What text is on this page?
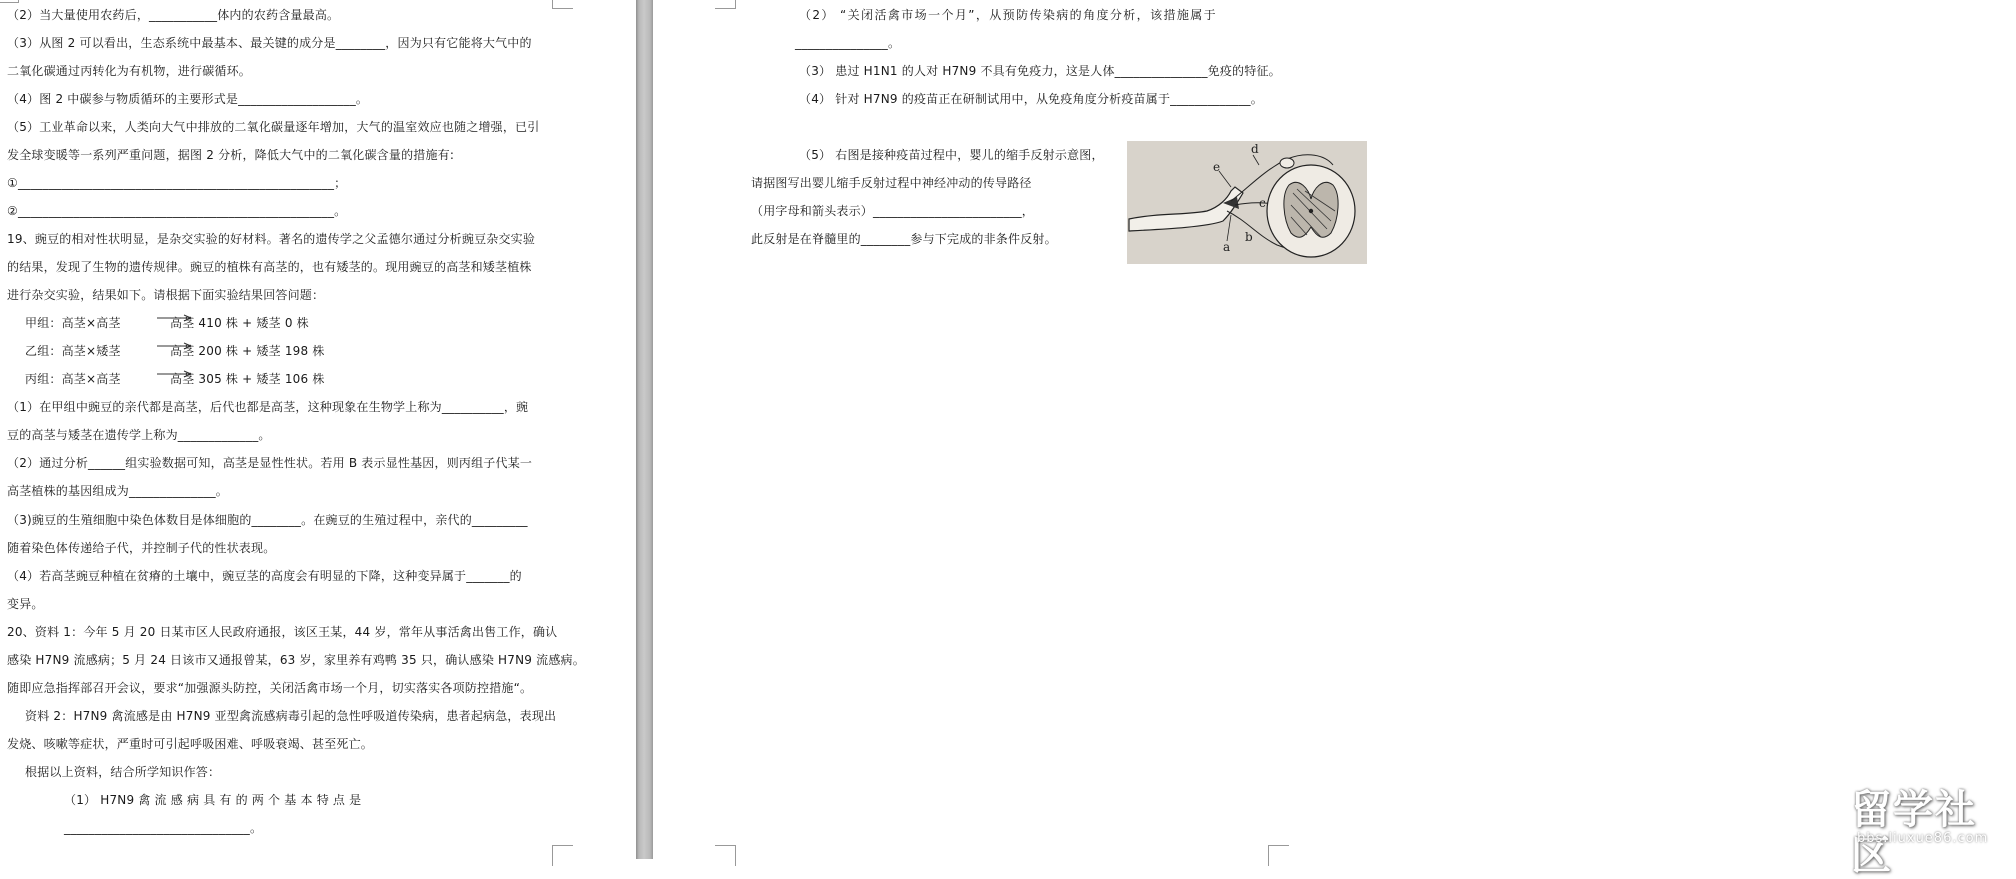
（2）当大量使用农药后，___________体内的农药含量最高。
（3）从图 2 可以看出，生态系统中最基本、最关键的成分是________，因为只有它能将大气中的
二氧化碳通过丙转化为有机物，进行碳循环。
（4）图 2 中碳参与物质循环的主要形式是___________________。
（5）工业革命以来，人类向大气中排放的二氧化碳量逐年增加，大气的温室效应也随之增强，已引
发全球变暖等一系列严重问题，据图 2 分析，降低大气中的二氧化碳含量的措施有:
①___________________________________________________；
②___________________________________________________。
19、豌豆的相对性状明显，是杂交实验的好材料。著名的遗传学之父孟德尔通过分析豌豆杂交实验
的结果，发现了生物的遗传规律。豌豆的植株有高茎的，也有矮茎的。现用豌豆的高茎和矮茎植株
进行杂交实验，结果如下。请根据下面实验结果回答问题：
甲组：高茎×高茎	高茎 410 株 + 矮茎 0 株
乙组：高茎×矮茎	高茎 200 株 + 矮茎 198 株
丙组：高茎×高茎	高茎 305 株 + 矮茎 106 株
（1）在甲组中豌豆的亲代都是高茎，后代也都是高茎，这种现象在生物学上称为__________，豌
豆的高茎与矮茎在遗传学上称为_____________。
（2）通过分析______组实验数据可知，高茎是显性性状。若用 B 表示显性基因，则丙组子代某一
高茎植株的基因组成为______________。
（3)豌豆的生殖细胞中染色体数目是体细胞的________。在豌豆的生殖过程中，亲代的_________
随着染色体传递给子代，并控制子代的性状表现。
（4）若高茎豌豆种植在贫瘠的土壤中，豌豆茎的高度会有明显的下降，这种变异属于_______的
变异。
20、资料 1：今年 5 月 20 日某市区人民政府通报，该区王某，44 岁，常年从事活禽出售工作，确认
感染 H7N9 流感病；5 月 24 日该市又通报曾某，63 岁，家里养有鸡鸭 35 只，确认感染 H7N9 流感病。
随即应急指挥部召开会议，要求“加强源头防控，关闭活禽市场一个月，切实落实各项防控措施“。
资料 2：H7N9 禽流感是由 H7N9 亚型禽流感病毒引起的急性呼吸道传染病，患者起病急，表现出
发烧、咳嗽等症状，严重时可引起呼吸困难、呼吸衰竭、甚至死亡。
根据以上资料，结合所学知识作答：
（1） H7N9 禽 流 感 病 具 有 的 两 个 基 本 特 点 是
______________________________。
（2） “关闭活禽市场一个月”，从预防传染病的角度分析，该措施属于
_______________。
（3） 患过 H1N1 的人对 H7N9 不具有免疫力，这是人体_______________免疫的特征。
（4） 针对 H7N9 的疫苗正在研制试用中，从免疫角度分析疫苗属于_____________。
（5） 右图是接种疫苗过程中，婴儿的缩手反射示意图，
请据图写出婴儿缩手反射过程中神经冲动的传导路径
（用字母和箭头表示）________________________，
此反射是在脊髓里的________参与下完成的非条件反射。
d
e
c
a
b
留学社区
bbs.liuxue86.com
